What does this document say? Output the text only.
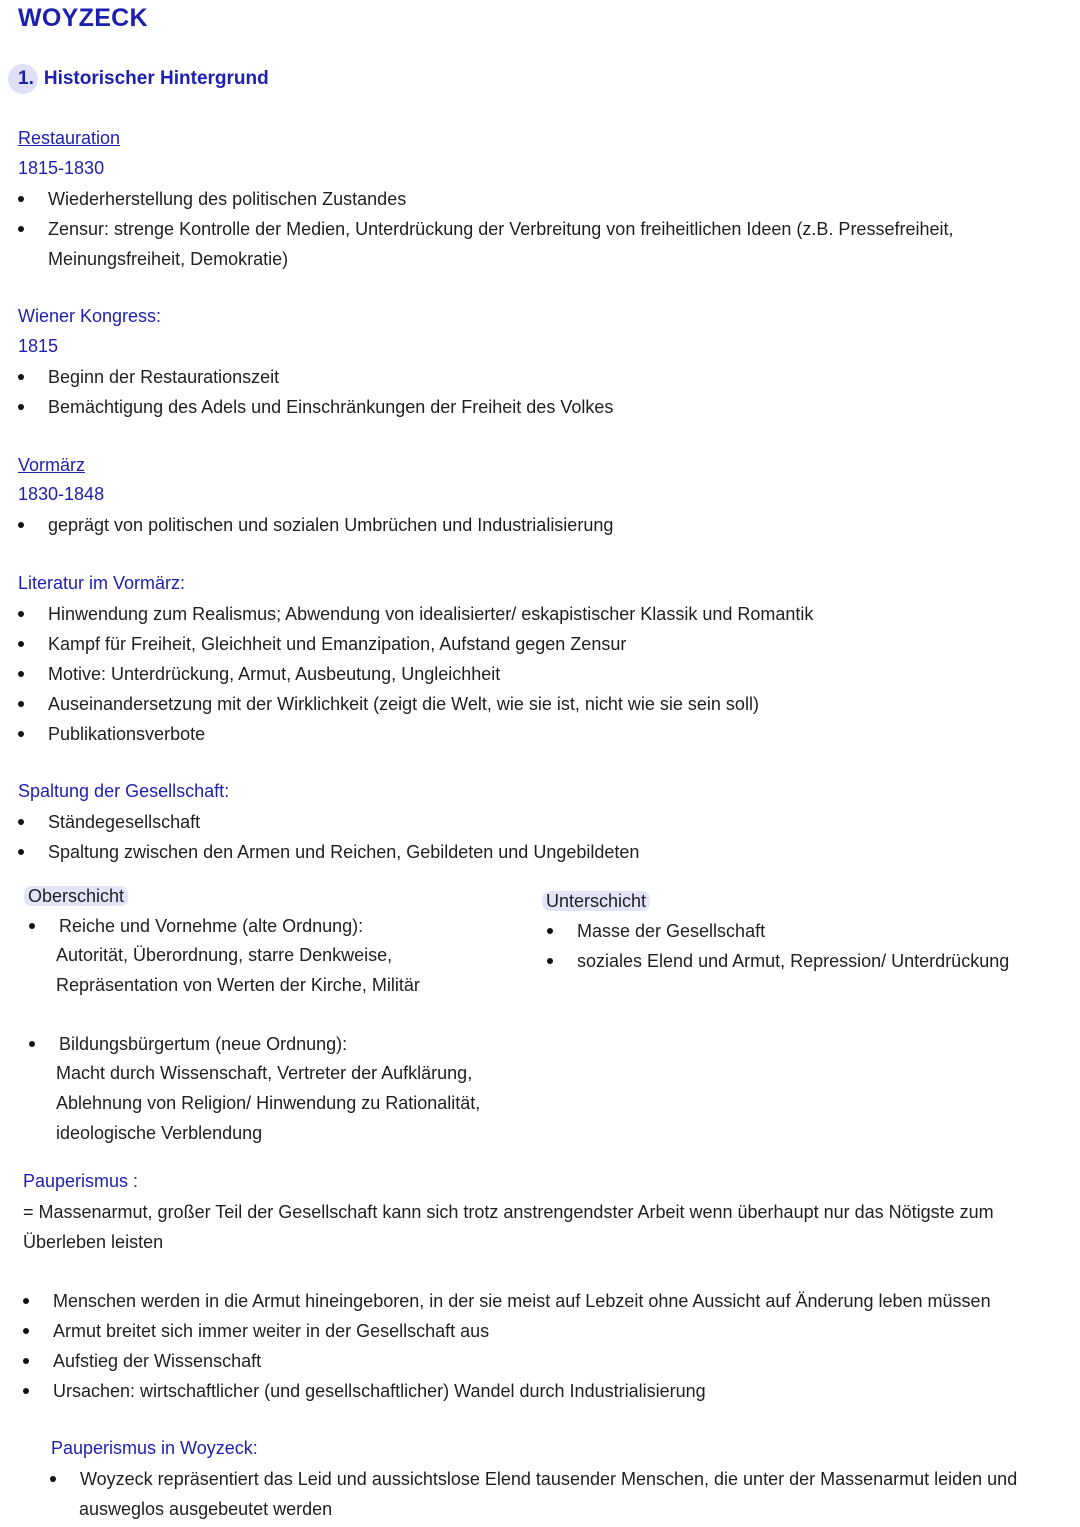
WOYZECK
1. Historischer Hintergrund
Restauration
1815-1830
Wiederherstellung des politischen Zustandes
Zensur: strenge Kontrolle der Medien, Unterdrückung der Verbreitung von freiheitlichen Ideen (z.B. Pressefreiheit,
Meinungsfreiheit, Demokratie)
Wiener Kongress:
1815
Beginn der Restaurationszeit
Bemächtigung des Adels und Einschränkungen der Freiheit des Volkes
Vormärz
1830-1848
geprägt von politischen und sozialen Umbrüchen und Industrialisierung
Literatur im Vormärz:
Hinwendung zum Realismus; Abwendung von idealisierter/ eskapistischer Klassik und Romantik
Kampf für Freiheit, Gleichheit und Emanzipation, Aufstand gegen Zensur
Motive: Unterdrückung, Armut, Ausbeutung, Ungleichheit
Auseinandersetzung mit der Wirklichkeit (zeigt die Welt, wie sie ist, nicht wie sie sein soll)
Publikationsverbote
Spaltung der Gesellschaft:
Ständegesellschaft
Spaltung zwischen den Armen und Reichen, Gebildeten und Ungebildeten
Oberschicht
Reiche und Vornehme (alte Ordnung):
Autorität, Überordnung, starre Denkweise,
Repräsentation von Werten der Kirche, Militär
Bildungsbürgertum (neue Ordnung):
Macht durch Wissenschaft, Vertreter der Aufklärung,
Ablehnung von Religion/ Hinwendung zu Rationalität,
ideologische Verblendung
Unterschicht
Masse der Gesellschaft
soziales Elend und Armut, Repression/ Unterdrückung
Pauperismus :
= Massenarmut, großer Teil der Gesellschaft kann sich trotz anstrengendster Arbeit wenn überhaupt nur das Nötigste zum
Überleben leisten
Menschen werden in die Armut hineingeboren, in der sie meist auf Lebzeit ohne Aussicht auf Änderung leben müssen
Armut breitet sich immer weiter in der Gesellschaft aus
Aufstieg der Wissenschaft
Ursachen: wirtschaftlicher (und gesellschaftlicher) Wandel durch Industrialisierung
Pauperismus in Woyzeck:
Woyzeck repräsentiert das Leid und aussichtslose Elend tausender Menschen, die unter der Massenarmut leiden und
ausweglos ausgebeutet werden
